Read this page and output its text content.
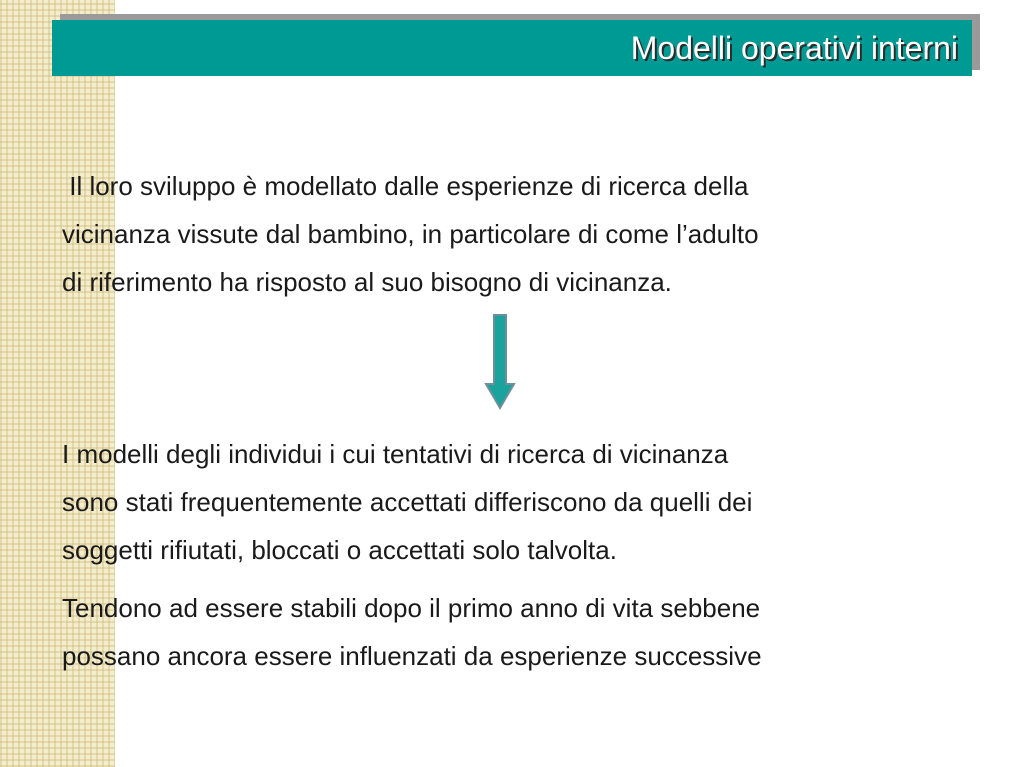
Modelli operativi interni

Il loro sviluppo è modellato dalle esperienze di ricerca della
vicinanza vissute dal bambino, in particolare di come l’adulto
di riferimento ha risposto al suo bisogno di vicinanza.

I modelli degli individui i cui tentativi di ricerca di vicinanza
sono stati frequentemente accettati differiscono da quelli dei
soggetti rifiutati, bloccati o accettati solo talvolta.

Tendono ad essere stabili dopo il primo anno di vita sebbene
possano ancora essere influenzati da esperienze successive
